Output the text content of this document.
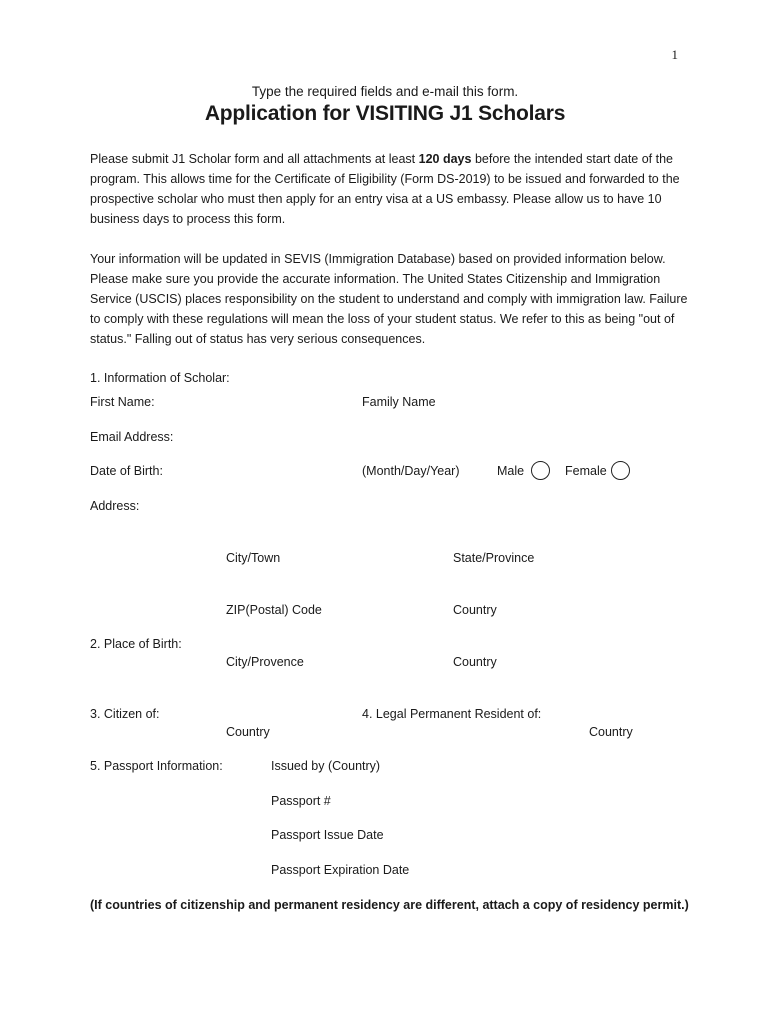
1
Type the required fields and e-mail this form.
Application for VISITING J1 Scholars
Please submit J1 Scholar form and all attachments at least 120 days before the intended start date of the program. This allows time for the Certificate of Eligibility (Form DS-2019) to be issued and forwarded to the prospective scholar who must then apply for an entry visa at a US embassy. Please allow us to have 10 business days to process this form.
Your information will be updated in SEVIS (Immigration Database) based on provided information below. Please make sure you provide the accurate information. The United States Citizenship and Immigration Service (USCIS) places responsibility on the student to understand and comply with immigration law. Failure to comply with these regulations will mean the loss of your student status. We refer to this as being "out of status." Falling out of status has very serious consequences.
1. Information of Scholar:
First Name:	Family Name
Email Address:
Date of Birth:	(Month/Day/Year)	Male	Female
Address:
City/Town	State/Province
ZIP(Postal) Code	Country
2. Place of Birth:
City/Provence	Country
3. Citizen of:
Country
4. Legal Permanent Resident of:
Country
5. Passport Information:	Issued by (Country)
Passport #
Passport Issue Date
Passport Expiration Date
(If countries of citizenship and permanent residency are different, attach a copy of residency permit.)
